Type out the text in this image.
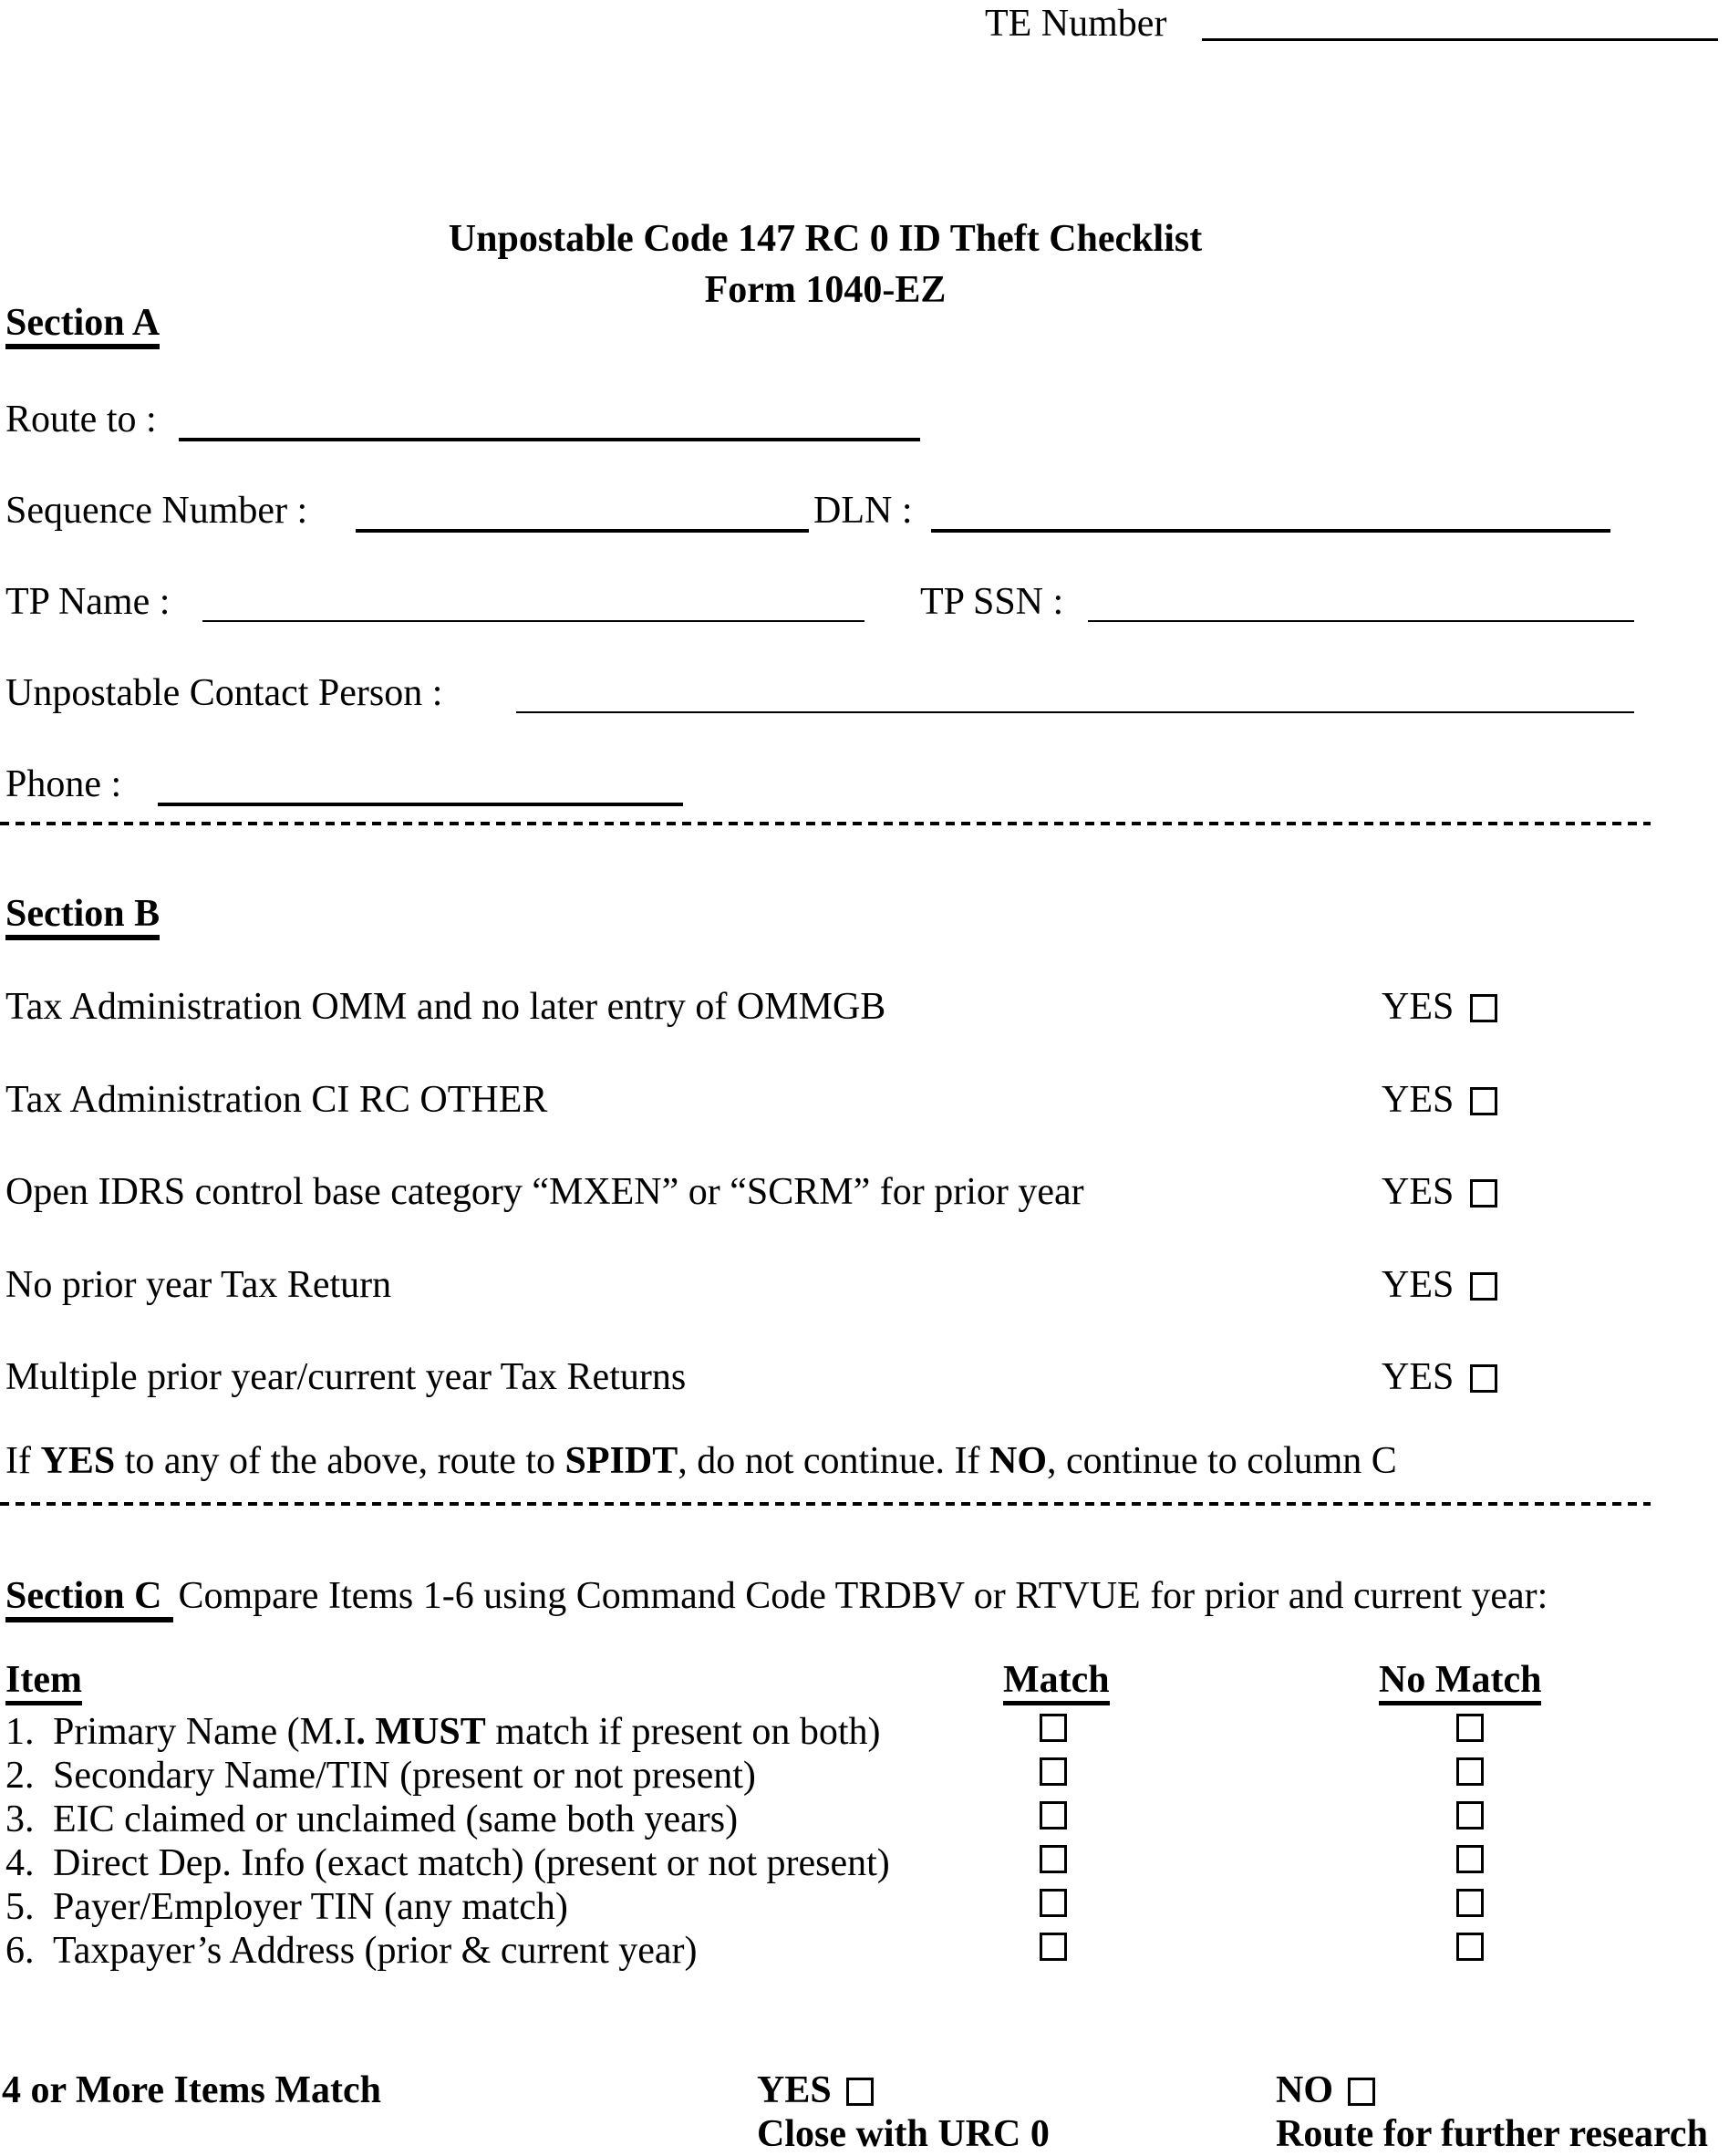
TE Number
Unpostable Code 147 RC 0 ID Theft Checklist
Form 1040-EZ
Section A
Route to :
Sequence Number :	DLN :
TP Name :	TP SSN :
Unpostable Contact Person :
Phone :
Section B
Tax Administration OMM and no later entry of OMMGB	YES
Tax Administration CI RC OTHER	YES
Open IDRS control base category “MXEN” or “SCRM” for prior year	YES
No prior year Tax Return	YES
Multiple prior year/current year Tax Returns	YES
If YES to any of the above, route to SPIDT, do not continue. If NO, continue to column C
Section C Compare Items 1-6 using Command Code TRDBV or RTVUE for prior and current year:
Item	Match	No Match
1. Primary Name (M.I. MUST match if present on both)
2. Secondary Name/TIN (present or not present)
3. EIC claimed or unclaimed (same both years)
4. Direct Dep. Info (exact match) (present or not present)
5. Payer/Employer TIN (any match)
6. Taxpayer’s Address (prior & current year)
4 or More Items Match	YES	NO
Close with URC 0	Route for further research
